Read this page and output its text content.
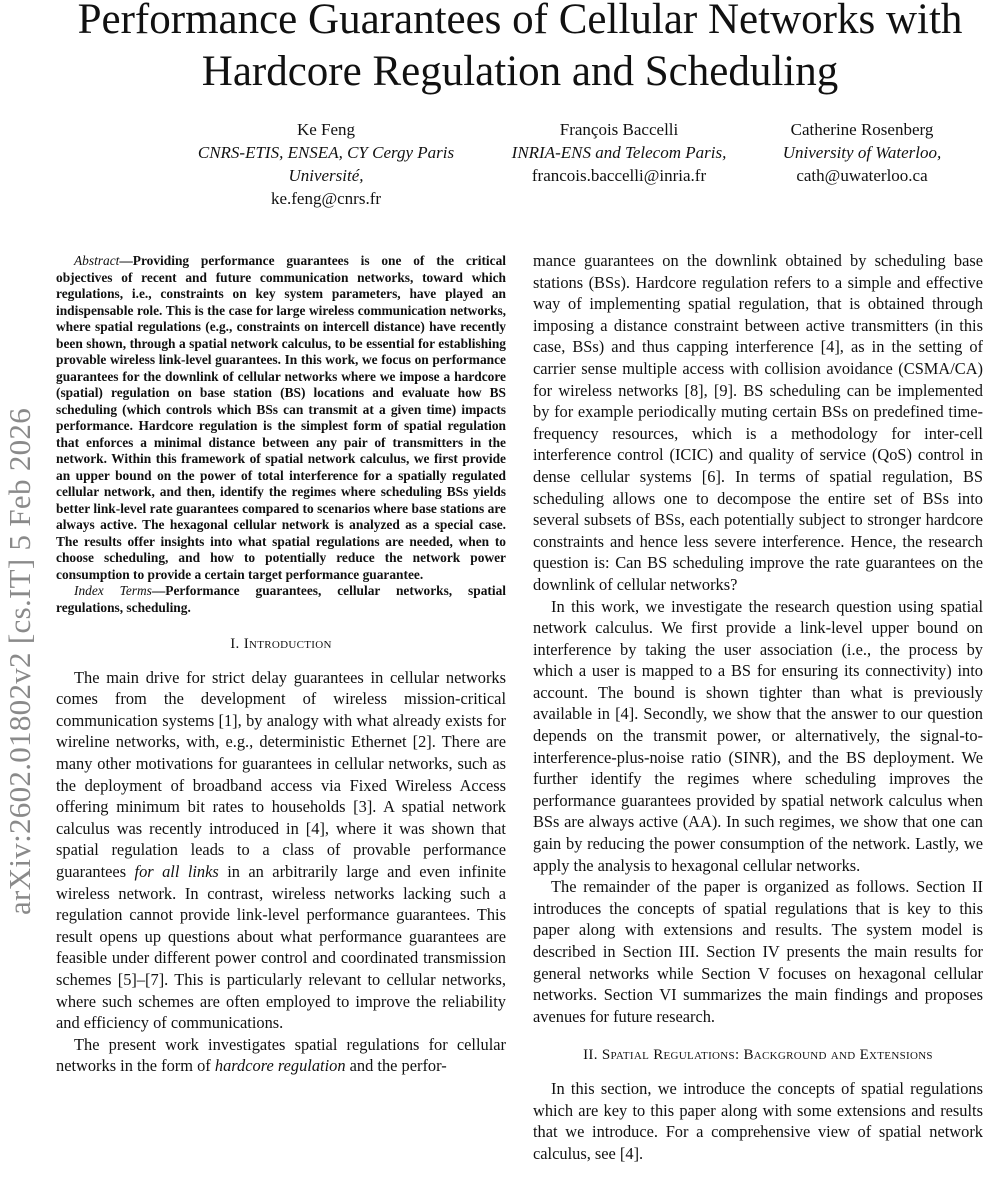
Performance Guarantees of Cellular Networks with Hardcore Regulation and Scheduling
Ke Feng
CNRS-ETIS, ENSEA, CY Cergy Paris Université,
ke.feng@cnrs.fr
François Baccelli
INRIA-ENS and Telecom Paris,
francois.baccelli@inria.fr
Catherine Rosenberg
University of Waterloo,
cath@uwaterloo.ca
arXiv:2602.01802v2 [cs.IT] 5 Feb 2026

Abstract—Providing performance guarantees is one of the critical objectives of recent and future communication networks, toward which regulations, i.e., constraints on key system parameters, have played an indispensable role. This is the case for large wireless communication networks, where spatial regulations (e.g., constraints on intercell distance) have recently been shown, through a spatial network calculus, to be essential for establishing provable wireless link-level guarantees. In this work, we focus on performance guarantees for the downlink of cellular networks where we impose a hardcore (spatial) regulation on base station (BS) locations and evaluate how BS scheduling (which controls which BSs can transmit at a given time) impacts performance. Hardcore regulation is the simplest form of spatial regulation that enforces a minimal distance between any pair of transmitters in the network. Within this framework of spatial network calculus, we first provide an upper bound on the power of total interference for a spatially regulated cellular network, and then, identify the regimes where scheduling BSs yields better link-level rate guarantees compared to scenarios where base stations are always active. The hexagonal cellular network is analyzed as a special case. The results offer insights into what spatial regulations are needed, when to choose scheduling, and how to potentially reduce the network power consumption to provide a certain target performance guarantee.

Index Terms—Performance guarantees, cellular networks, spatial regulations, scheduling.

I. Introduction

The main drive for strict delay guarantees in cellular networks comes from the development of wireless mission-critical communication systems [1], by analogy with what already exists for wireline networks, with, e.g., deterministic Ethernet [2]. There are many other motivations for guarantees in cellular networks, such as the deployment of broadband access via Fixed Wireless Access offering minimum bit rates to households [3]. A spatial network calculus was recently introduced in [4], where it was shown that spatial regulation leads to a class of provable performance guarantees for all links in an arbitrarily large and even infinite wireless network. In contrast, wireless networks lacking such a regulation cannot provide link-level performance guarantees. This result opens up questions about what performance guarantees are feasible under different power control and coordinated transmission schemes [5]–[7]. This is particularly relevant to cellular networks, where such schemes are often employed to improve the reliability and efficiency of communications.

The present work investigates spatial regulations for cellular networks in the form of hardcore regulation and the perfor-

mance guarantees on the downlink obtained by scheduling base stations (BSs). Hardcore regulation refers to a simple and effective way of implementing spatial regulation, that is obtained through imposing a distance constraint between active transmitters (in this case, BSs) and thus capping interference [4], as in the setting of carrier sense multiple access with collision avoidance (CSMA/CA) for wireless networks [8], [9]. BS scheduling can be implemented by for example periodically muting certain BSs on predefined time-frequency resources, which is a methodology for inter-cell interference control (ICIC) and quality of service (QoS) control in dense cellular systems [6]. In terms of spatial regulation, BS scheduling allows one to decompose the entire set of BSs into several subsets of BSs, each potentially subject to stronger hardcore constraints and hence less severe interference. Hence, the research question is: Can BS scheduling improve the rate guarantees on the downlink of cellular networks?

In this work, we investigate the research question using spatial network calculus. We first provide a link-level upper bound on interference by taking the user association (i.e., the process by which a user is mapped to a BS for ensuring its connectivity) into account. The bound is shown tighter than what is previously available in [4]. Secondly, we show that the answer to our question depends on the transmit power, or alternatively, the signal-to-interference-plus-noise ratio (SINR), and the BS deployment. We further identify the regimes where scheduling improves the performance guarantees provided by spatial network calculus when BSs are always active (AA). In such regimes, we show that one can gain by reducing the power consumption of the network. Lastly, we apply the analysis to hexagonal cellular networks.

The remainder of the paper is organized as follows. Section II introduces the concepts of spatial regulations that is key to this paper along with extensions and results. The system model is described in Section III. Section IV presents the main results for general networks while Section V focuses on hexagonal cellular networks. Section VI summarizes the main findings and proposes avenues for future research.

II. Spatial Regulations: Background and Extensions

In this section, we introduce the concepts of spatial regulations which are key to this paper along with some extensions and results that we introduce. For a comprehensive view of spatial network calculus, see [4].
